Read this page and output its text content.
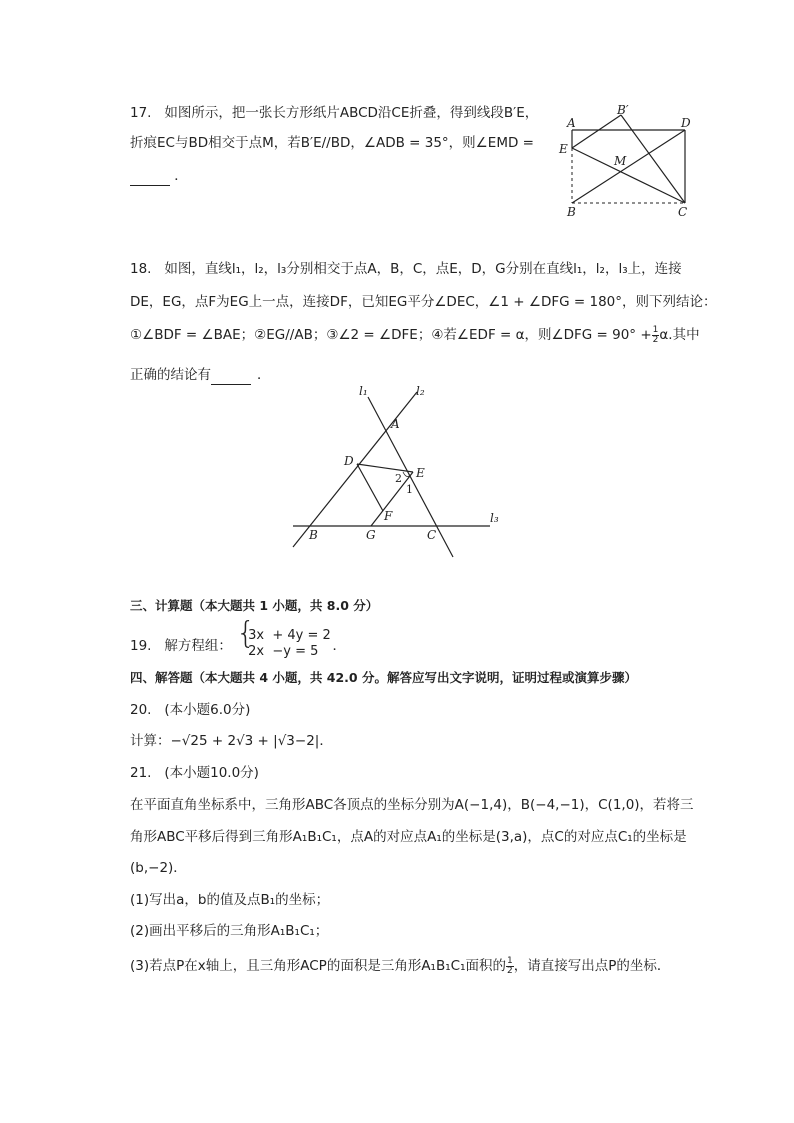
17.   如图所示，把一张长方形纸片ABCD沿CE折叠，得到线段B′E，
折痕EC与BD相交于点M，若B′E//BD，∠ADB = 35°，则∠EMD =
．
A	D
B′
E
M
B	C
18.   如图，直线l₁，l₂，l₃分别相交于点A，B，C，点E，D，G分别在直线l₁，l₂，l₃上，连接
DE，EG，点F为EG上一点，连接DF，已知EG平分∠DEC，∠1 + ∠DFG = 180°，则下列结论：
①∠BDF = ∠BAE；②EG//AB；③∠2 = ∠DFE；④若∠EDF = α，则∠DFG = $90^\circ + \frac{1}{2} \alpha$.其中
正确的结论有	．
l₁	l₂
l₃
A
D
E
2
1
F
B	G	C
三、计算题（本大题共 1 小题，共 8.0 分）
19.   解方程组： {
3x  + 4y = 2
2x  −y = 5 ．
四、解答题（本大题共 4 小题，共 42.0 分。解答应写出文字说明，证明过程或演算步骤）
20.   (本小题6.0分)
计算：−√25 + 2√3 + |√3−2|．
21.   (本小题10.0分)
在平面直角坐标系中，三角形ABC各顶点的坐标分别为A(−1,4)，B(−4,−1)，C(1,0)，若将三
角形ABC平移后得到三角形A₁B₁C₁，点A的对应点A₁的坐标是(3,a)，点C的对应点C₁的坐标是
(b,−2)．
(1)写出a，b的值及点B₁的坐标；
(2)画出平移后的三角形A₁B₁C₁；
(3)若点P在x轴上，且三角形ACP的面积是三角形A₁B₁C₁面积的 $\frac{1}{2}$ ，请直接写出点P的坐标．
